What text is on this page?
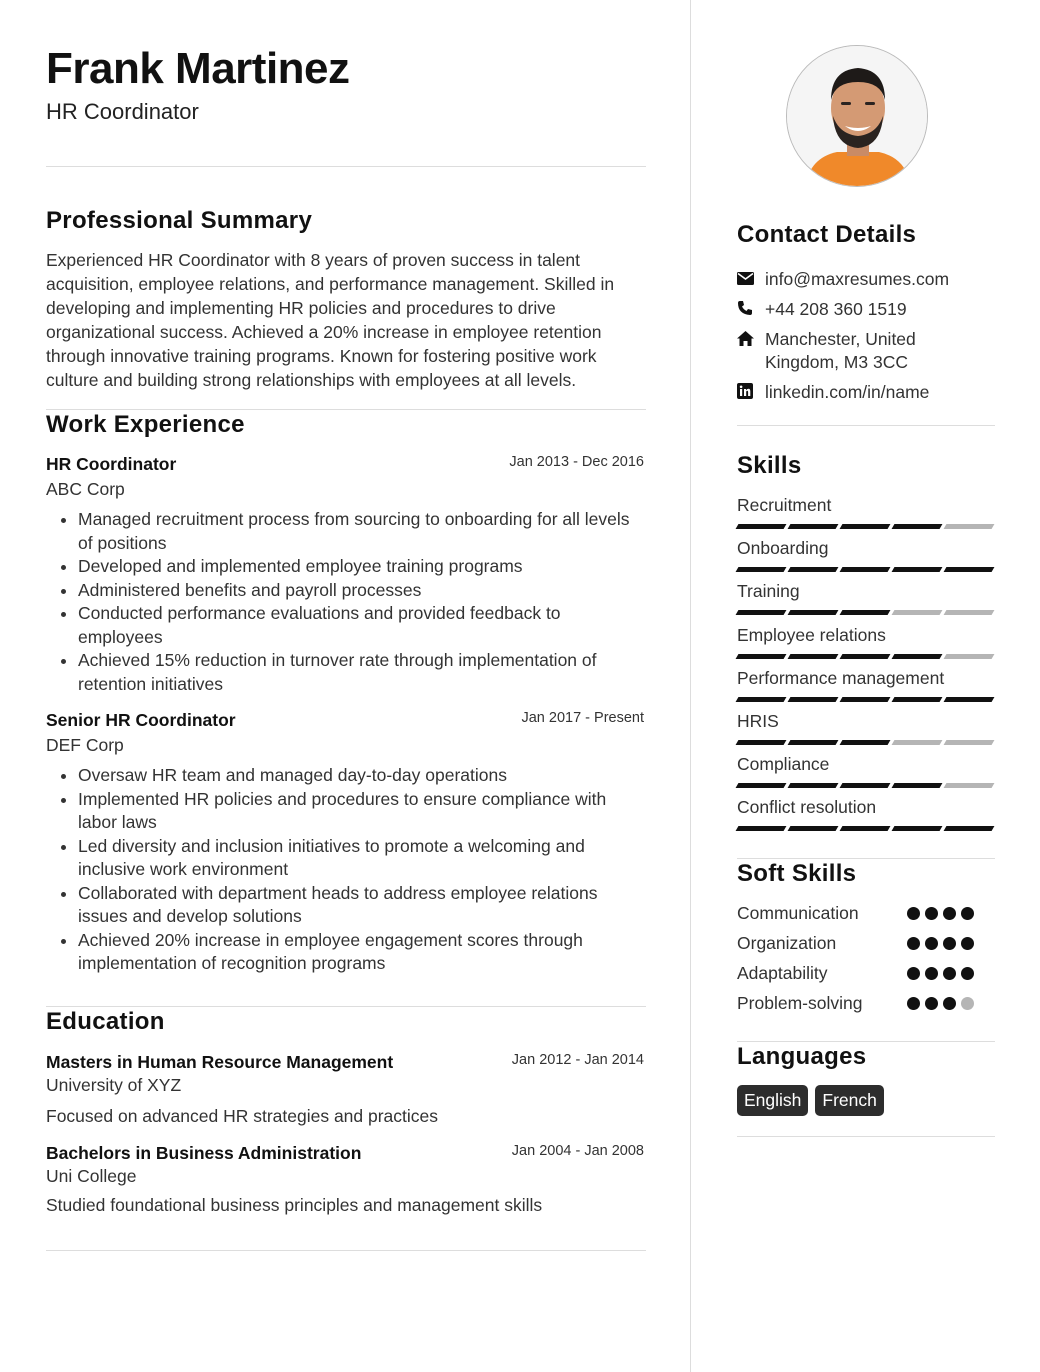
Frank Martinez
HR Coordinator
Professional Summary
Experienced HR Coordinator with 8 years of proven success in talent acquisition, employee relations, and performance management. Skilled in developing and implementing HR policies and procedures to drive organizational success. Achieved a 20% increase in employee retention through innovative training programs. Known for fostering positive work culture and building strong relationships with employees at all levels.
Work Experience
HR Coordinator	Jan 2013 - Dec 2016
ABC Corp
• Managed recruitment process from sourcing to onboarding for all levels of positions
• Developed and implemented employee training programs
• Administered benefits and payroll processes
• Conducted performance evaluations and provided feedback to employees
• Achieved 15% reduction in turnover rate through implementation of retention initiatives
Senior HR Coordinator	Jan 2017 - Present
DEF Corp
• Oversaw HR team and managed day-to-day operations
• Implemented HR policies and procedures to ensure compliance with labor laws
• Led diversity and inclusion initiatives to promote a welcoming and inclusive work environment
• Collaborated with department heads to address employee relations issues and develop solutions
• Achieved 20% increase in employee engagement scores through implementation of recognition programs
Education
Masters in Human Resource Management	Jan 2012 - Jan 2014
University of XYZ
Focused on advanced HR strategies and practices
Bachelors in Business Administration	Jan 2004 - Jan 2008
Uni College
Studied foundational business principles and management skills
Contact Details
info@maxresumes.com
+44 208 360 1519
Manchester, United Kingdom, M3 3CC
linkedin.com/in/name
Skills
Recruitment
Onboarding
Training
Employee relations
Performance management
HRIS
Compliance
Conflict resolution
Soft Skills
Communication
Organization
Adaptability
Problem-solving
Languages
English	French
